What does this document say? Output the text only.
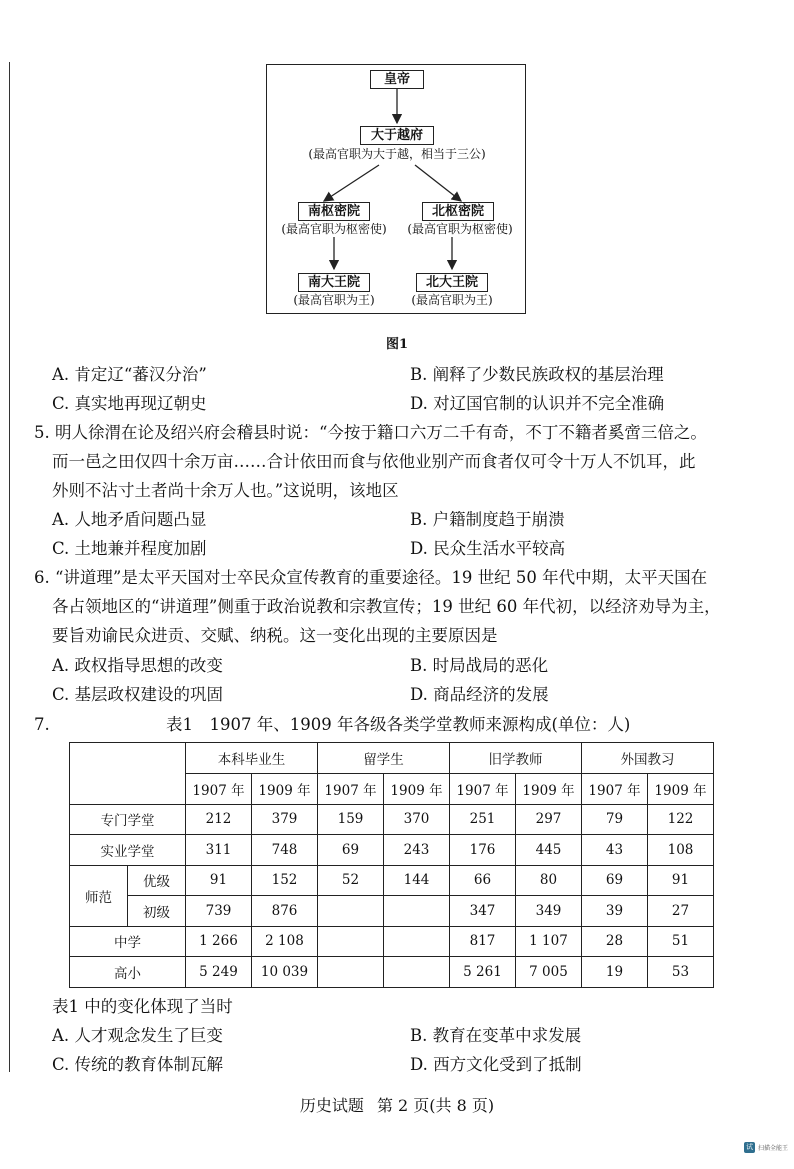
皇帝
大于越府
(最高官职为大于越，相当于三公)
南枢密院
(最高官职为枢密使)
北枢密院
(最高官职为枢密使)
南大王院
(最高官职为王)
北大王院
(最高官职为王)
图1
A. 肯定辽“蕃汉分治”	B. 阐释了少数民族政权的基层治理
C. 真实地再现辽朝史	D. 对辽国官制的认识并不完全准确
5. 明人徐渭在论及绍兴府会稽县时说：“今按于籍口六万二千有奇，不丁不籍者奚啻三倍之。
而一邑之田仅四十余万亩……合计依田而食与依他业别产而食者仅可令十万人不饥耳，此
外则不沾寸土者尚十余万人也。”这说明，该地区
A. 人地矛盾问题凸显	B. 户籍制度趋于崩溃
C. 土地兼并程度加剧	D. 民众生活水平较高
6. “讲道理”是太平天国对士卒民众宣传教育的重要途径。19 世纪 50 年代中期，太平天国在
各占领地区的“讲道理”侧重于政治说教和宗教宣传；19 世纪 60 年代初，以经济劝导为主，
要旨劝谕民众进贡、交赋、纳税。这一变化出现的主要原因是
A. 政权指导思想的改变	B. 时局战局的恶化
C. 基层政权建设的巩固	D. 商品经济的发展
7.	表1　1907 年、1909 年各级各类学堂教师来源构成(单位：人)
		本科毕业生		留学生		旧学教师		外国教习	
		1907 年	1909 年	1907 年	1909 年	1907 年	1909 年	1907 年	1909 年
专门学堂		212	379	159	370	251	297	79	122
实业学堂		311	748	69	243	176	445	43	108
师范	优级	91	152	52	144	66	80	69	91
	初级	739	876			347	349	39	27
中学		1 266	2 108			817	1 107	28	51
高小		5 249	10 039			5 261	7 005	19	53
表1 中的变化体现了当时
A. 人才观念发生了巨变	B. 教育在变革中求发展
C. 传统的教育体制瓦解	D. 西方文化受到了抵制
历史试题 第 2 页(共 8 页)
试 扫描全能王
